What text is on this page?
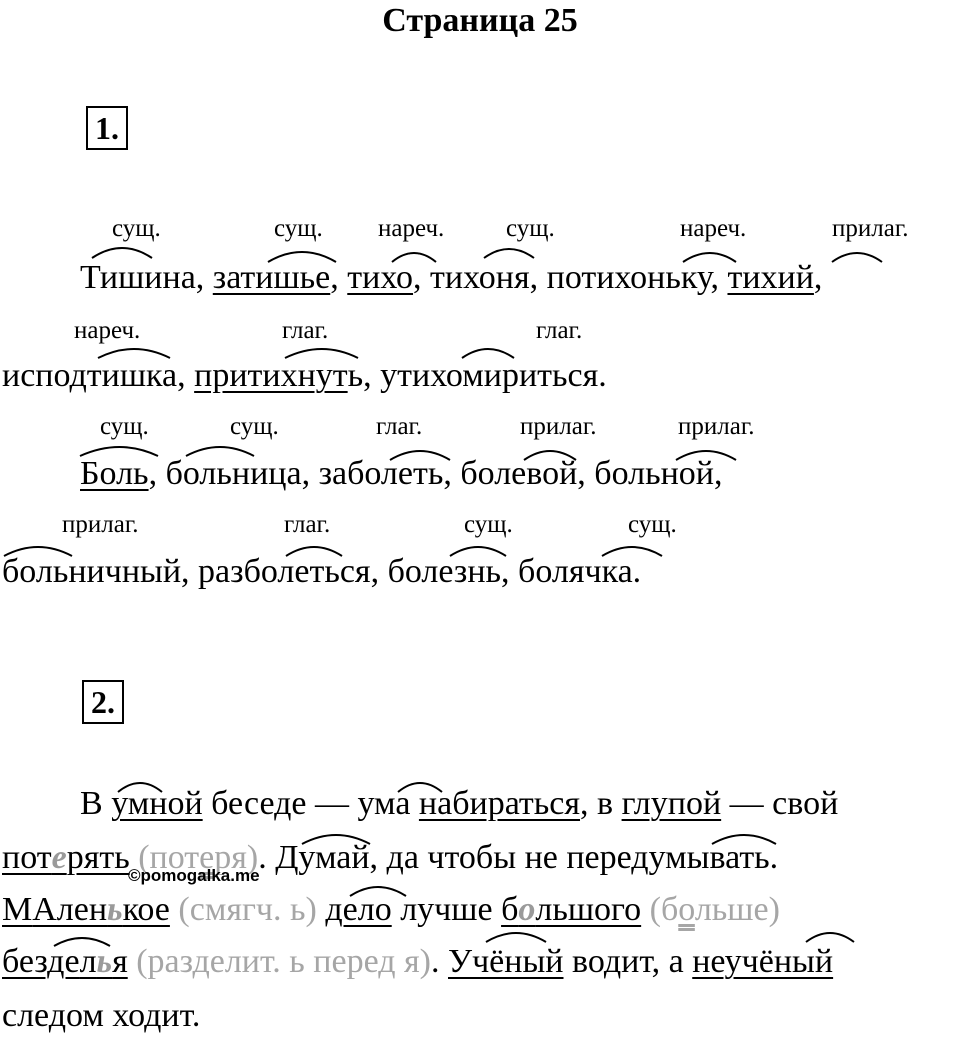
Страница 25
1.
сущ.	сущ. нареч. сущ.	нареч.	прилаг.
Тишина, затишье, тихо, тихоня, потихоньку, тихий,
нареч.	глаг.	глаг.
исподтишка, притихнуть, утихомириться.
сущ.	сущ.	глаг.	прилаг.	прилаг.
Боль, больница, заболеть, болевой, больной,
прилаг.	глаг.	сущ.	сущ.
больничный, разболеться, болезнь, болячка.
2.
В умной беседе — ума набираться, в глупой — свой
потерять (потеря). Думай, да чтобы не передумывать.
©pomogalka.me
МАленькое (смягч. ь) дело лучше большого (больше)
безделья (разделит. ь перед я). Учёный водит, а неучёный
следом ходит.
